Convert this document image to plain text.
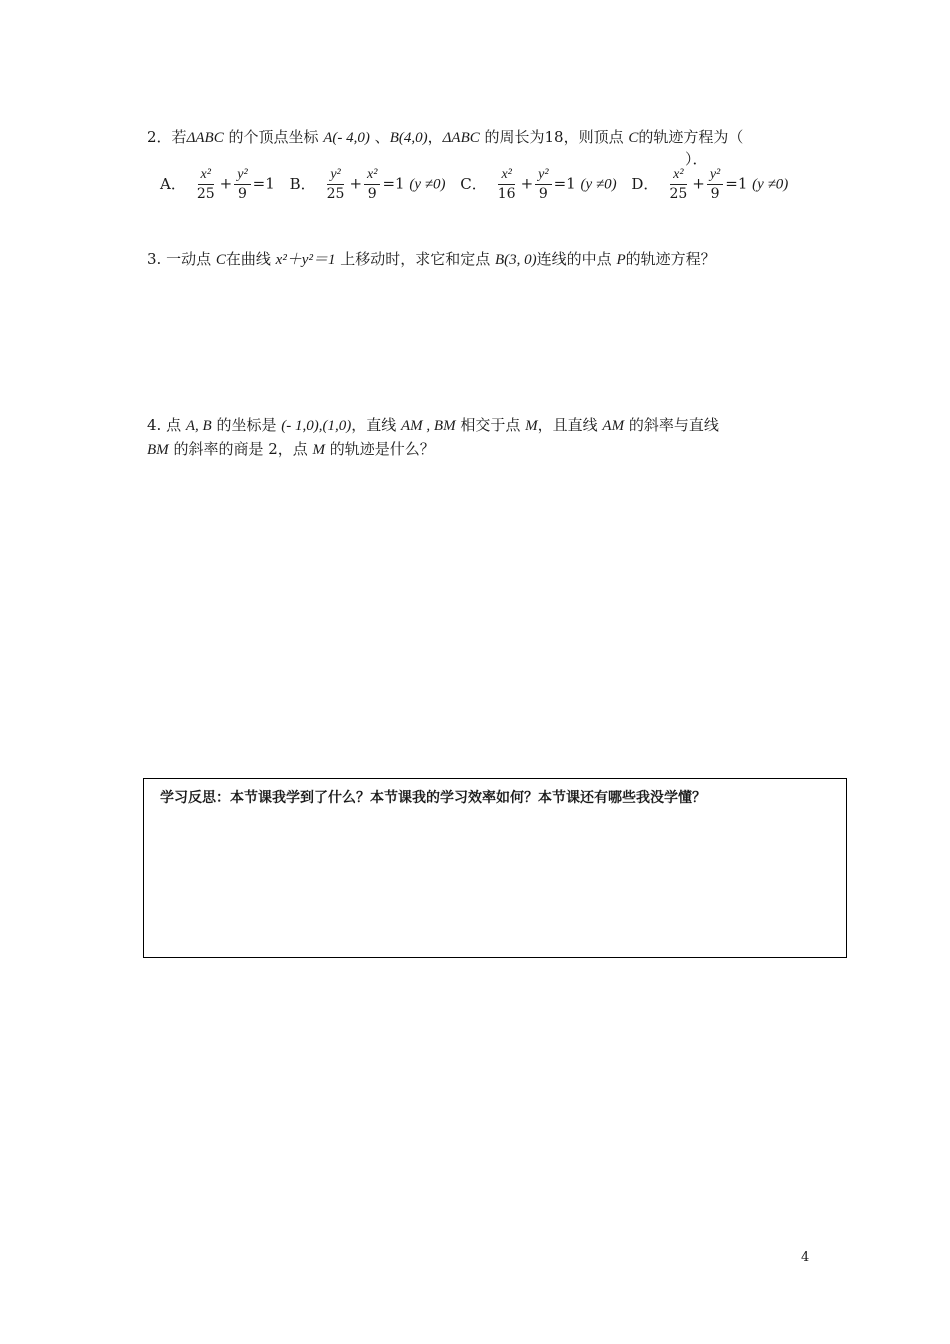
2．若ΔABC 的个顶点坐标 A(- 4,0) 、B(4,0)，ΔABC 的周长为18，则顶点 C的轨迹方程为（
）．
A． $\frac{\text{x²}}{25} + \frac{\text{y²}}{9} =1$ B． $\frac{\text{y²}}{25} + \frac{\text{x²}}{9} =1$ (y ≠0) C． $\frac{\text{x²}}{16} + \frac{\text{y²}}{9} =1$ (y ≠0) D． $\frac{\text{x²}}{25} + \frac{\text{y²}}{9} =1$ (y ≠0)
3. 一动点 C在曲线 x²＋y²＝1 上移动时，求它和定点 B(3, 0)连线的中点 P的轨迹方程？
4. 点 A, B 的坐标是 (- 1,0),(1,0)，直线 AM , BM 相交于点 M，且直线 AM 的斜率与直线
BM 的斜率的商是 2，点 M 的轨迹是什么？
学习反思：本节课我学到了什么？本节课我的学习效率如何？本节课还有哪些我没学懂？
4
